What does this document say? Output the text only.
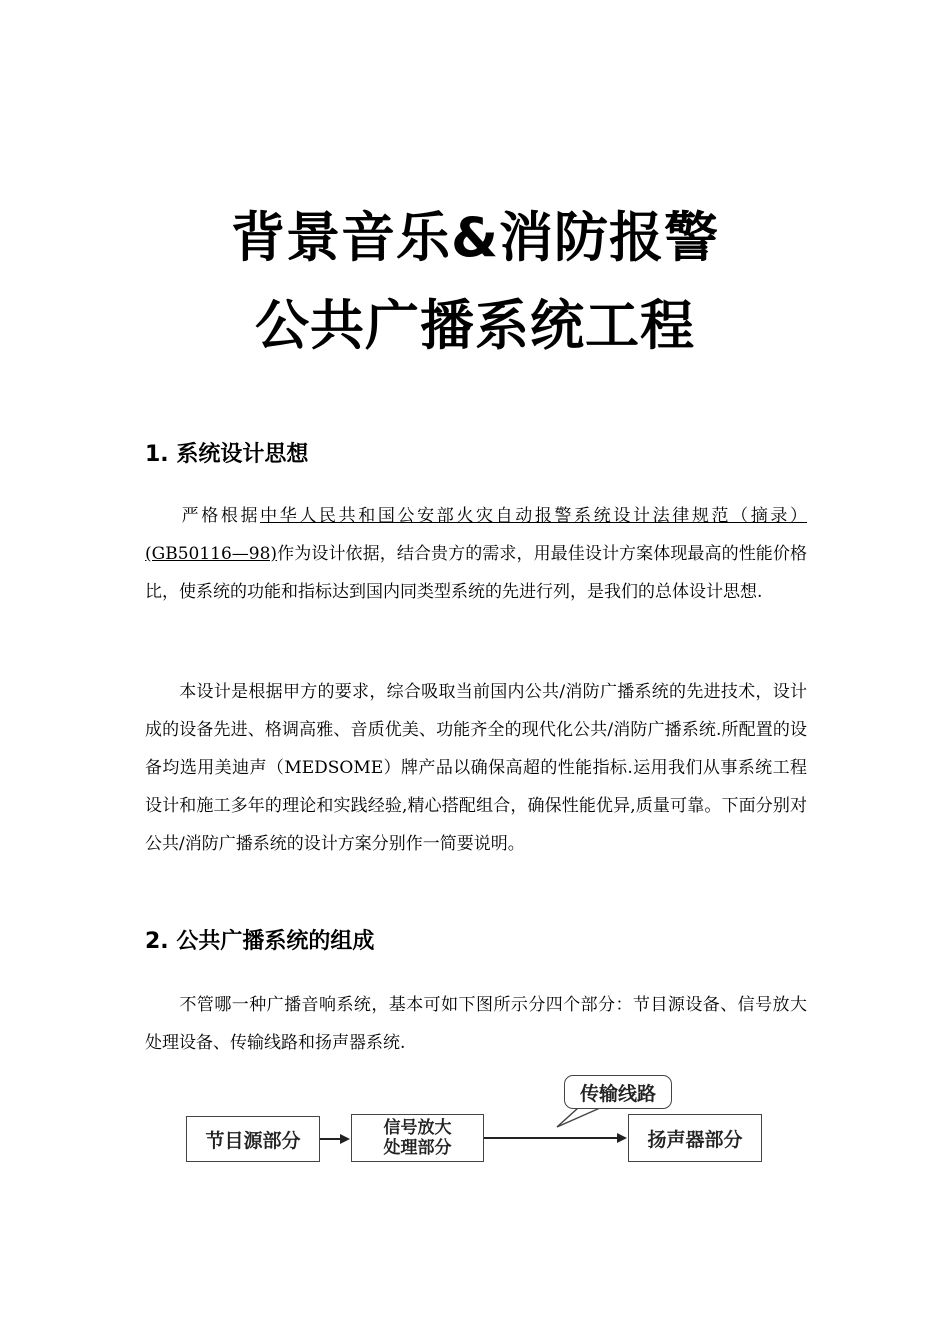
背景音乐&消防报警
公共广播系统工程
1. 系统设计思想
严格根据中华人民共和国公安部火灾自动报警系统设计法律规范（摘录）(GB50116—98)作为设计依据，结合贵方的需求，用最佳设计方案体现最高的性能价格比，使系统的功能和指标达到国内同类型系统的先进行列，是我们的总体设计思想.
本设计是根据甲方的要求，综合吸取当前国内公共/消防广播系统的先进技术，设计成的设备先进、格调高雅、音质优美、功能齐全的现代化公共/消防广播系统.所配置的设备均选用美迪声（MEDSOME）牌产品以确保高超的性能指标.运用我们从事系统工程设计和施工多年的理论和实践经验,精心搭配组合，确保性能优异,质量可靠。下面分别对公共/消防广播系统的设计方案分别作一简要说明。
2. 公共广播系统的组成
不管哪一种广播音响系统，基本可如下图所示分四个部分：节目源设备、信号放大处理设备、传输线路和扬声器系统.
节目源部分
信号放大
处理部分	扬声器部分
传输线路
